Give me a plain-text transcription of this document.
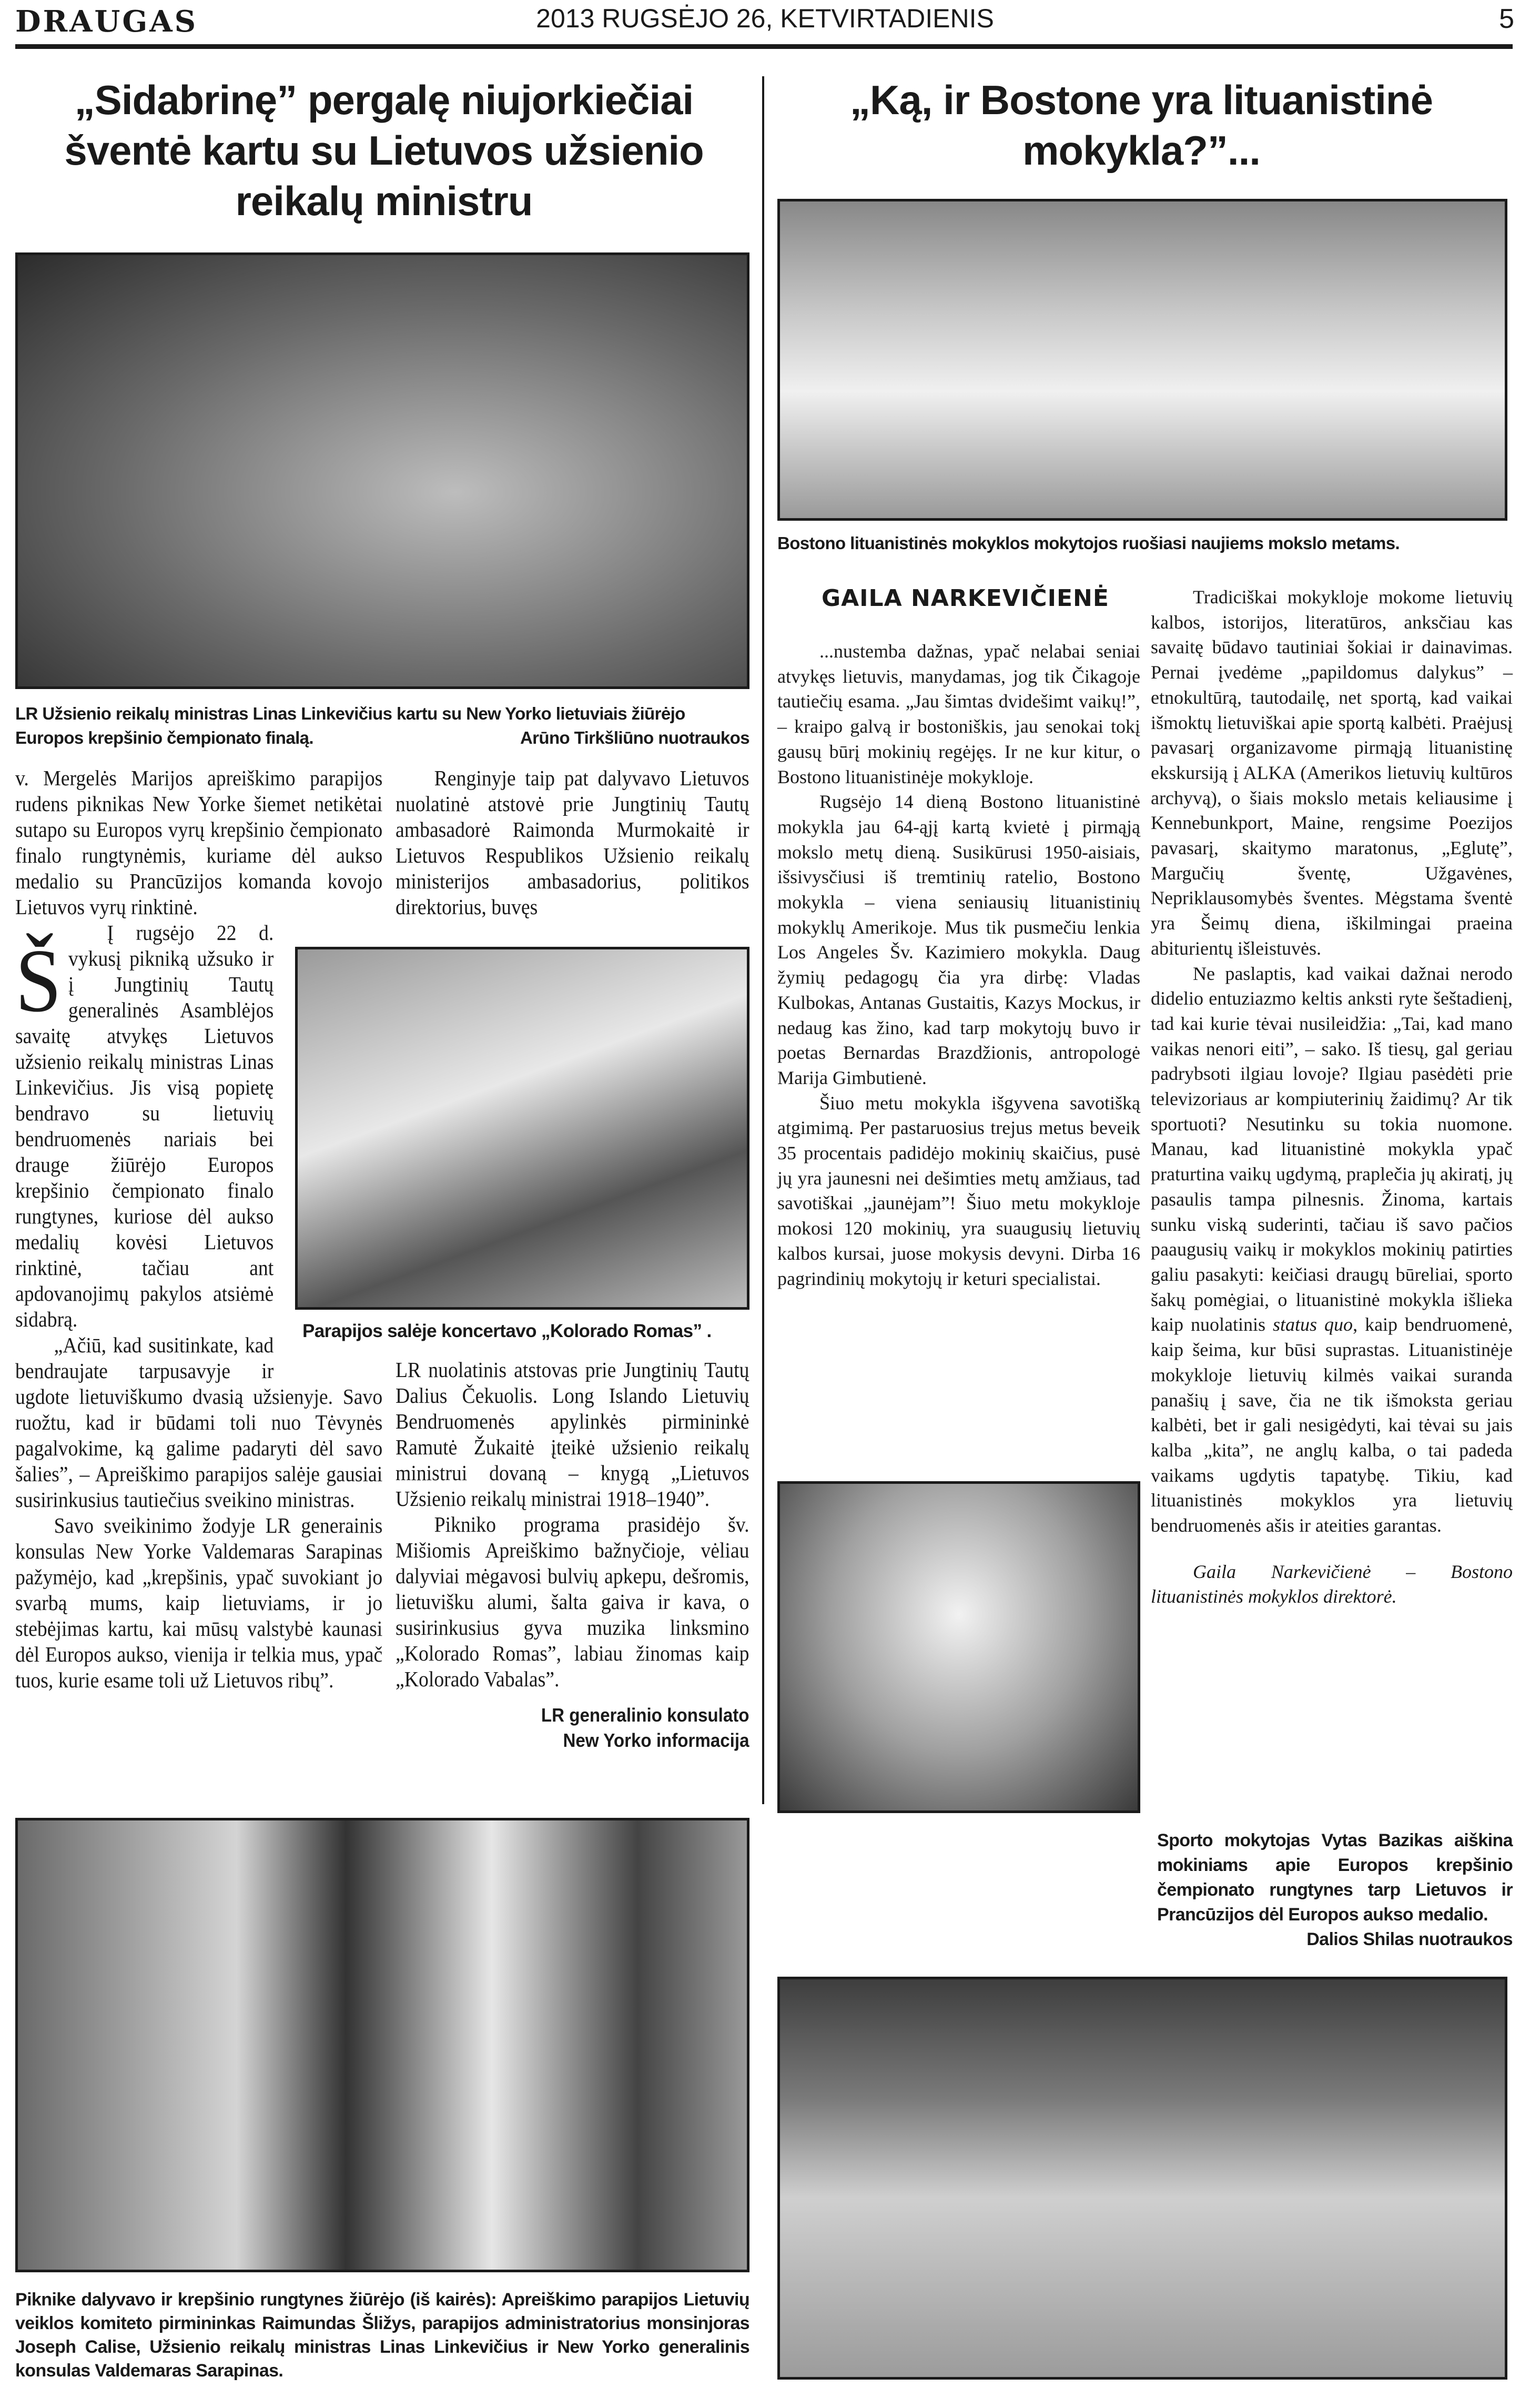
DRAUGAS	2013 RUGSĖJO 26, KETVIRTADIENIS	5
„Sidabrinę” pergalę niujorkiečiai šventė kartu su Lietuvos užsienio reikalų ministru
Arūno Tirkšliūno nuotraukos
LR Užsienio reikalų ministras Linas Linkevičius kartu su New Yorko lietuviais žiūrėjo Europos krepšinio čempionato finalą.
Š

v. Mergelės Marijos apreiškimo parapijos rudens piknikas New Yorke šiemet netikėtai sutapo su Europos vyrų krepšinio čempionato finalo rungtynėmis, kuriame dėl aukso medalio su Prancūzijos komanda kovojo Lietuvos vyrų rinktinė.

Į rugsėjo 22 d. vykusį pikniką užsuko ir į Jungtinių Tautų generalinės Asamblėjos savaitę atvykęs Lietuvos užsienio reikalų ministras Linas Linkevičius. Jis visą popietę bendravo su lietuvių bendruomenės nariais bei drauge žiūrėjo Europos krepšinio čempionato finalo rungtynes, kuriose dėl aukso medalių kovėsi Lietuvos rinktinė, tačiau ant apdovanojimų pakylos atsiėmė sidabrą.

„Ačiū, kad susitinkate, kad bendraujate tarpusavyje ir ugdote lietuviškumo dvasią užsienyje. Savo ruožtu, kad ir būdami toli nuo Tėvynės pagalvokime, ką galime padaryti dėl savo šalies”, – Apreiškimo parapijos salėje gausiai susirinkusius tautiečius sveikino ministras.

Savo sveikinimo žodyje LR generainis konsulas New Yorke Valdemaras Sarapinas pažymėjo, kad „krepšinis, ypač suvokiant jo svarbą mums, kaip lietuviams, ir jo stebėjimas kartu, kai mūsų valstybė kaunasi dėl Europos aukso, vienija ir telkia mus, ypač tuos, kurie esame toli už Lietuvos ribų”.

Renginyje taip pat dalyvavo Lietuvos nuolatinė atstovė prie Jungtinių Tautų ambasadorė Raimonda Murmokaitė ir Lietuvos Respublikos Užsienio reikalų ministerijos ambasadorius, politikos direktorius, buvęs

Parapijos salėje koncertavo „Kolorado Romas” .

LR nuolatinis atstovas prie Jungtinių Tautų Dalius Čekuolis. Long Islando Lietuvių Bendruomenės apylinkės pirmininkė Ramutė Žukaitė įteikė užsienio reikalų ministrui dovaną – knygą „Lietuvos Užsienio reikalų ministrai 1918–1940”.

Pikniko programa prasidėjo šv. Mišiomis Apreiškimo bažnyčioje, vėliau dalyviai mėgavosi bulvių apkepu, dešromis, lietuvišku alumi, šalta gaiva ir kava, o susirinkusius gyva muzika linksmino „Kolorado Romas”, labiau žinomas kaip „Kolorado Vabalas”.

LR generalinio konsulato
New Yorko informacija
Piknike dalyvavo ir krepšinio rungtynes žiūrėjo (iš kairės): Apreiškimo parapijos Lietuvių veiklos komiteto pirmininkas Raimundas Šližys, parapijos administratorius monsinjoras Joseph Calise, Užsienio reikalų ministras Linas Linkevičius ir New Yorko generalinis konsulas Valdemaras Sarapinas.
„Ką, ir Bostone yra lituanistinė mokykla?”...
Bostono lituanistinės mokyklos mokytojos ruošiasi naujiems mokslo metams.
GAILA NARKEVIČIENĖ

...nustemba dažnas, ypač nelabai seniai atvykęs lietuvis, manydamas, jog tik Čikagoje tautiečių esama. „Jau šimtas dvidešimt vaikų!”, – kraipo galvą ir bostoniškis, jau senokai tokį gausų būrį mokinių regėjęs. Ir ne kur kitur, o Bostono lituanistinėje mokykloje.

Rugsėjo 14 dieną Bostono lituanistinė mokykla jau 64-ąjį kartą kvietė į pirmąją mokslo metų dieną. Susikūrusi 1950-aisiais, išsivysčiusi iš tremtinių ratelio, Bostono mokykla – viena seniausių lituanistinių mokyklų Amerikoje. Mus tik pusmečiu lenkia Los Angeles Šv. Kazimiero mokykla. Daug žymių pedagogų čia yra dirbę: Vladas Kulbokas, Antanas Gustaitis, Kazys Mockus, ir nedaug kas žino, kad tarp mokytojų buvo ir poetas Bernardas Brazdžionis, antropologė Marija Gimbutienė.

Šiuo metu mokykla išgyvena savotišką atgimimą. Per pastaruosius trejus metus beveik 35 procentais padidėjo mokinių skaičius, pusė jų yra jaunesni nei dešimties metų amžiaus, tad savotiškai „jaunėjam”! Šiuo metu mokykloje mokosi 120 mokinių, yra suaugusių lietuvių kalbos kursai, juose mokysis devyni. Dirba 16 pagrindinių mokytojų ir keturi specialistai.

Tradiciškai mokykloje mokome lietuvių kalbos, istorijos, literatūros, anksčiau kas savaitę būdavo tautiniai šokiai ir dainavimas. Pernai įvedėme „papildomus dalykus” – etnokultūrą, tautodailę, net sportą, kad vaikai išmoktų lietuviškai apie sportą kalbėti. Praėjusį pavasarį organizavome pirmąją lituanistinę ekskursiją į ALKA (Amerikos lietuvių kultūros archyvą), o šiais mokslo metais keliausime į Kennebunkport, Maine, rengsime Poezijos pavasarį, skaitymo maratonus, „Eglutę”, Margučių šventę, Užgavėnes, Nepriklausomybės šventes. Mėgstama šventė yra Šeimų diena, iškilmingai praeina abiturientų išleistuvės.

Ne paslaptis, kad vaikai dažnai nerodo didelio entuziazmo keltis anksti ryte šeštadienį, tad kai kurie tėvai nusileidžia: „Tai, kad mano vaikas nenori eiti”, – sako. Iš tiesų, gal geriau padrybsoti ilgiau lovoje? Ilgiau pasėdėti prie televizoriaus ar kompiuterinių žaidimų? Ar tik sportuoti? Nesutinku su tokia nuomone. Manau, kad lituanistinė mokykla ypač praturtina vaikų ugdymą, praplečia jų akiratį, jų pasaulis tampa pilnesnis. Žinoma, kartais sunku viską suderinti, tačiau iš savo pačios paaugusių vaikų ir mokyklos mokinių patirties galiu pasakyti: keičiasi draugų būreliai, sporto šakų pomėgiai, o lituanistinė mokykla išlieka kaip nuolatinis status quo, kaip bendruomenė, kaip šeima, kur būsi suprastas. Lituanistinėje mokykloje lietuvių kilmės vaikai suranda panašių į save, čia ne tik išmoksta geriau kalbėti, bet ir gali nesigėdyti, kai tėvai su jais kalba „kita”, ne anglų kalba, o tai padeda vaikams ugdytis tapatybę. Tikiu, kad lituanistinės mokyklos yra lietuvių bendruomenės ašis ir ateities garantas.

Gaila Narkevičienė – Bostono lituanistinės mokyklos direktorė.

Sporto mokytojas Vytas Bazikas aiškina mokiniams apie Europos krepšinio čempionato rungtynes tarp Lietuvos ir Prancūzijos dėl Europos aukso medalio.
Dalios Shilas nuotraukos
